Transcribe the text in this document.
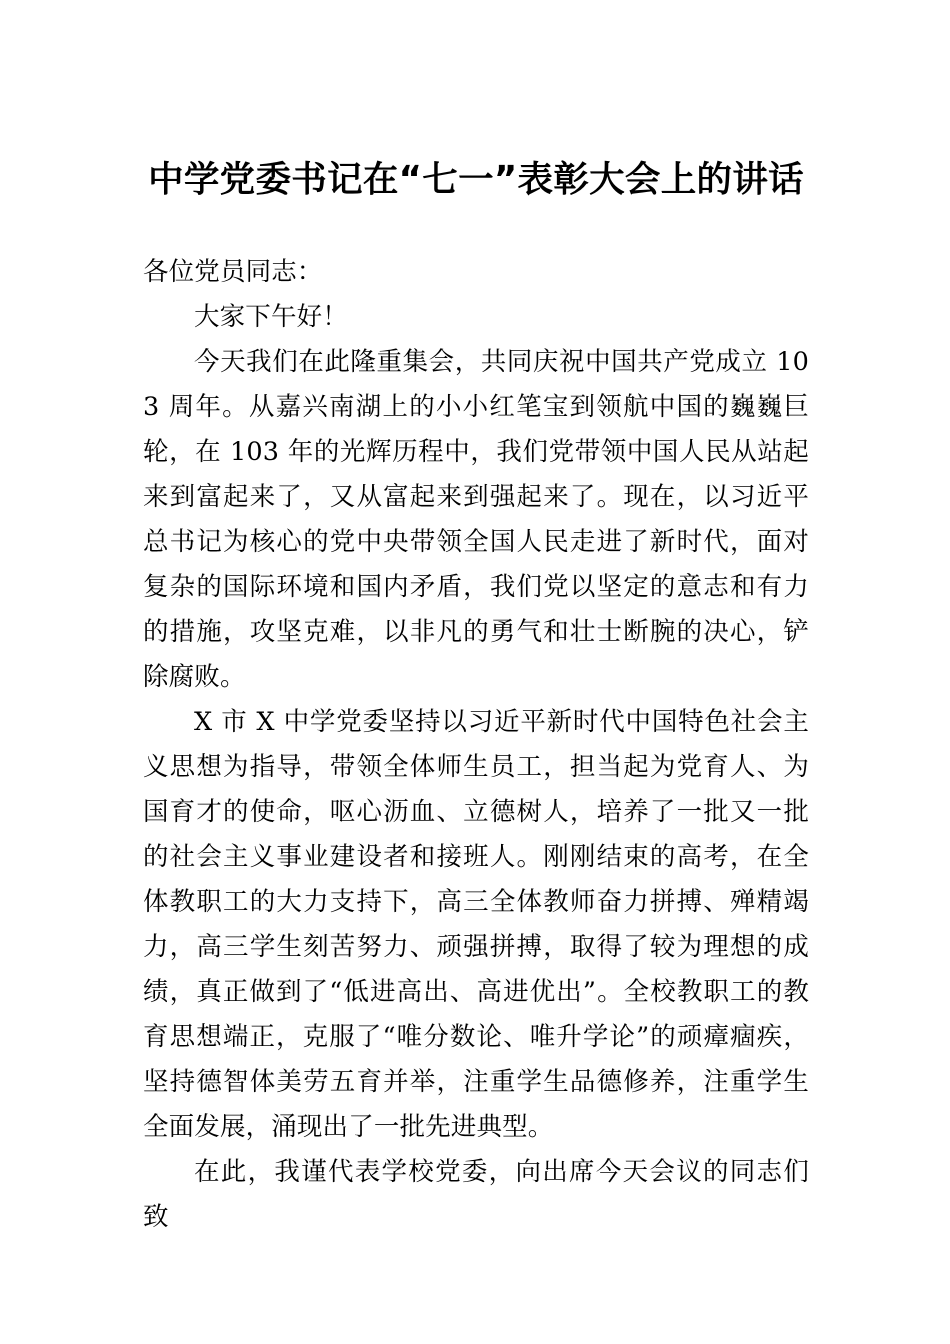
中学党委书记在“七一”表彰大会上的讲话

各位党员同志：

大家下午好！

今天我们在此隆重集会，共同庆祝中国共产党成立 103 周年。从嘉兴南湖上的小小红笔宝到领航中国的巍巍巨轮，在 103 年的光辉历程中，我们党带领中国人民从站起来到富起来了，又从富起来到强起来了。现在，以习近平总书记为核心的党中央带领全国人民走进了新时代，面对复杂的国际环境和国内矛盾，我们党以坚定的意志和有力的措施，攻坚克难，以非凡的勇气和壮士断腕的决心，铲除腐败。

X 市 X 中学党委坚持以习近平新时代中国特色社会主义思想为指导，带领全体师生员工，担当起为党育人、为国育才的使命，呕心沥血、立德树人，培养了一批又一批的社会主义事业建设者和接班人。刚刚结束的高考，在全体教职工的大力支持下，高三全体教师奋力拼搏、殚精竭力，高三学生刻苦努力、顽强拼搏，取得了较为理想的成绩，真正做到了“低进高出、高进优出”。全校教职工的教育思想端正，克服了“唯分数论、唯升学论”的顽瘴痼疾，坚持德智体美劳五育并举，注重学生品德修养，注重学生全面发展，涌现出了一批先进典型。

在此，我谨代表学校党委，向出席今天会议的同志们致
